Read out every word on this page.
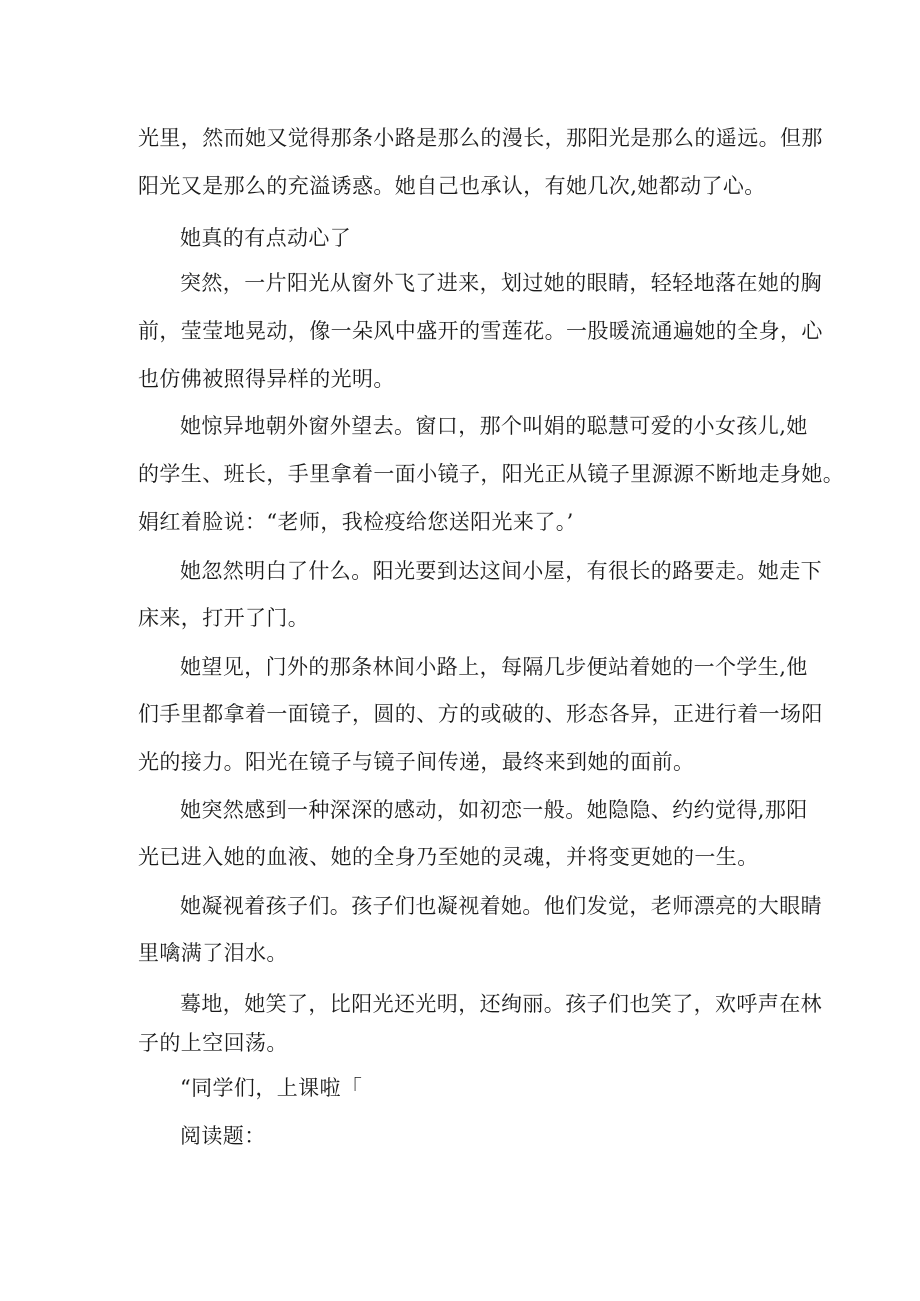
光里，然而她又觉得那条小路是那么的漫长，那阳光是那么的遥远。但那
阳光又是那么的充溢诱惑。她自己也承认，有她几次,她都动了心。
她真的有点动心了
突然，一片阳光从窗外飞了进来，划过她的眼睛，轻轻地落在她的胸
前，莹莹地晃动，像一朵风中盛开的雪莲花。一股暖流通遍她的全身，心
也仿佛被照得异样的光明。
她惊异地朝外窗外望去。窗口，那个叫娟的聪慧可爱的小女孩儿,她
的学生、班长，手里拿着一面小镜子，阳光正从镜子里源源不断地走身她。
娟红着脸说：“老师，我检疫给您送阳光来了。’
她忽然明白了什么。阳光要到达这间小屋，有很长的路要走。她走下
床来，打开了门。
她望见，门外的那条林间小路上，每隔几步便站着她的一个学生,他
们手里都拿着一面镜子，圆的、方的或破的、形态各异，正进行着一场阳
光的接力。阳光在镜子与镜子间传递，最终来到她的面前。
她突然感到一种深深的感动，如初恋一般。她隐隐、约约觉得,那阳
光已进入她的血液、她的全身乃至她的灵魂，并将变更她的一生。
她凝视着孩子们。孩子们也凝视着她。他们发觉，老师漂亮的大眼睛
里噙满了泪水。
蓦地，她笑了，比阳光还光明，还绚丽。孩子们也笑了，欢呼声在林
子的上空回荡。
“同学们，上课啦「
阅读题：
